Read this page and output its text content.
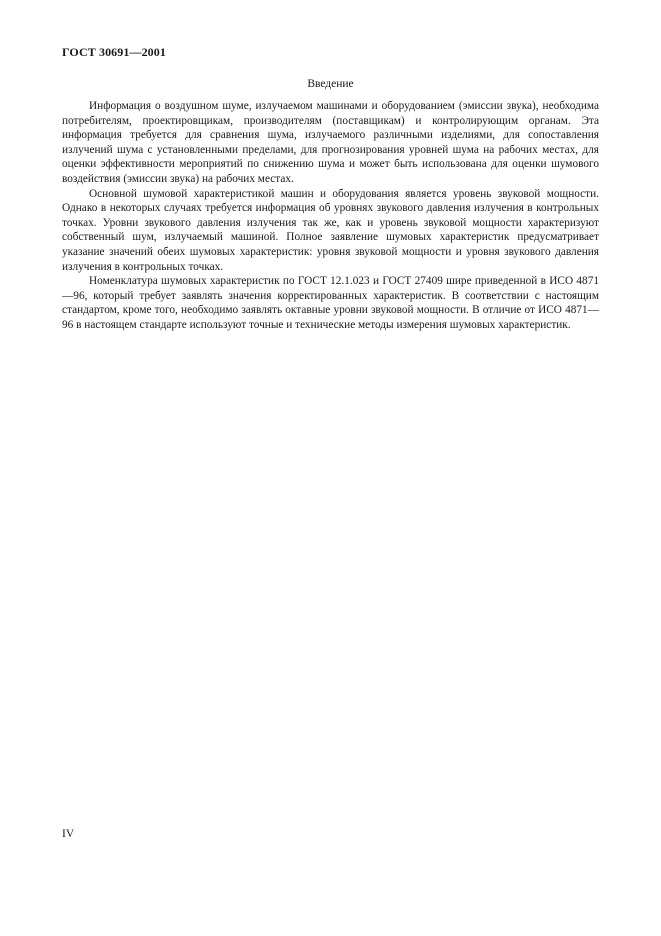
ГОСТ 30691—2001
Введение

Информация о воздушном шуме, излучаемом машинами и оборудованием (эмиссии звука), необходима потребителям, проектировщикам, производителям (поставщикам) и контролирующим органам. Эта информация требуется для сравнения шума, излучаемого различными изделиями, для сопоставления излучений шума с установленными пределами, для прогнозирования уровней шума на рабочих местах, для оценки эффективности мероприятий по снижению шума и может быть использована для оценки шумового воздействия (эмиссии звука) на рабочих местах.

Основной шумовой характеристикой машин и оборудования является уровень звуковой мощности. Однако в некоторых случаях требуется информация об уровнях звукового давления излучения в контрольных точках. Уровни звукового давления излучения так же, как и уровень звуковой мощности характеризуют собственный шум, излучаемый машиной. Полное заявление шумовых характеристик предусматривает указание значений обеих шумовых характеристик: уровня звуковой мощности и уровня звукового давления излучения в контрольных точках.

Номенклатура шумовых характеристик по ГОСТ 12.1.023 и ГОСТ 27409 шире приведенной в ИСО 4871—96, который требует заявлять значения корректированных характеристик. В соответствии с настоящим стандартом, кроме того, необходимо заявлять октавные уровни звуковой мощности. В отличие от ИСО 4871—96 в настоящем стандарте используют точные и технические методы измерения шумовых характеристик.

IV
